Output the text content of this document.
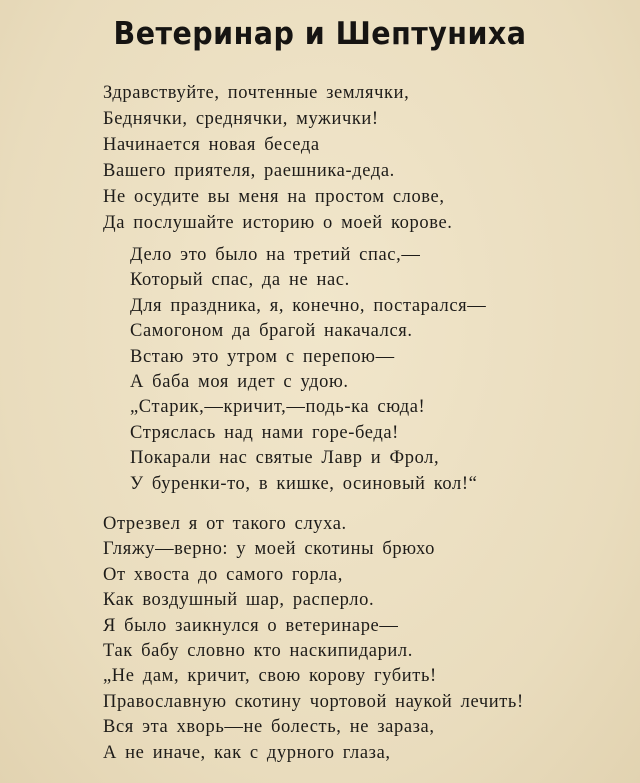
Ветеринар и Шептуниха
Здравствуйте, почтенные землячки,
Беднячки, среднячки, мужички!
Начинается новая беседа
Вашего приятеля, раешника-деда.
Не осудите вы меня на простом слове,
Да послушайте историю о моей корове.
Дело это было на третий спас,—
Который спас, да не нас.
Для праздника, я, конечно, постарался—
Самогоном да брагой накачался.
Встаю это утром с перепою—
А баба моя идет с удою.
„Старик,—кричит,—подь-ка сюда!
Стряслась над нами горе-беда!
Покарали нас святые Лавр и Фрол,
У буренки-то, в кишке, осиновый кол!“
Отрезвел я от такого слуха.
Гляжу—верно: у моей скотины брюхо
От хвоста до самого горла,
Как воздушный шар, расперло.
Я было заикнулся о ветеринаре—
Так бабу словно кто наскипидарил.
„Не дам, кричит, свою корову губить!
Православную скотину чортовой наукой лечить!
Вся эта хворь—не болесть, не зараза,
А не иначе, как с дурного глаза,
